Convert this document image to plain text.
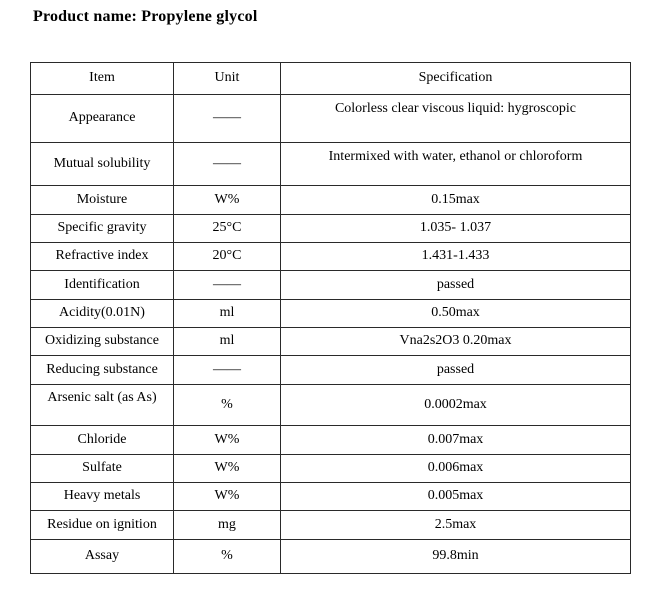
Product name: Propylene glycol
Item	Unit	Specification
Appearance	——	Colorless clear viscous liquid: hygroscopic
Mutual solubility	——	Intermixed with water, ethanol or chloroform
Moisture	W%	0.15max
Specific gravity	25°C	1.035- 1.037
Refractive index	20°C	1.431-1.433
Identification	——	passed
Acidity(0.01N)	ml	0.50max
Oxidizing substance	ml	Vna2s2O3 0.20max
Reducing substance	——	passed
Arsenic salt (as As)	%	0.0002max
Chloride	W%	0.007max
Sulfate	W%	0.006max
Heavy metals	W%	0.005max
Residue on ignition	mg	2.5max
Assay	%	99.8min
